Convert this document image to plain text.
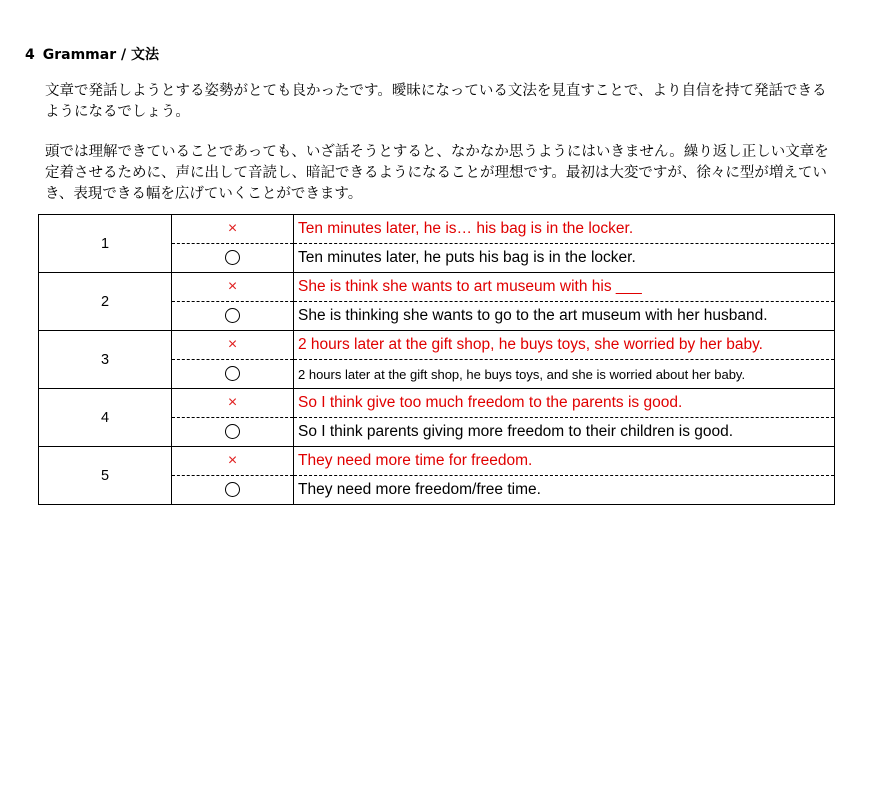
4 Grammar / 文法

文章で発話しようとする姿勢がとても良かったです。曖昧になっている文法を見直すことで、より自信を持て発話できるようになるでしょう。

頭では理解できていることであっても、いざ話そうとすると、なかなか思うようにはいきません。繰り返し正しい文章を定着させるために、声に出して音読し、暗記できるようになることが理想です。最初は大変ですが、徐々に型が増えていき、表現できる幅を広げていくことができます。

1	×	Ten minutes later, he is… his bag is in the locker.
		Ten minutes later, he puts his bag is in the locker.
2	×	She is think she wants to art museum with his ___
		She is thinking she wants to go to the art museum with her husband.
3	×	2 hours later at the gift shop, he buys toys, she worried by her baby.
		2 hours later at the gift shop, he buys toys, and she is worried about her baby.
4	×	So I think give too much freedom to the parents is good.
		So I think parents giving more freedom to their children is good.
5	×	They need more time for freedom.
		They need more freedom/free time.
